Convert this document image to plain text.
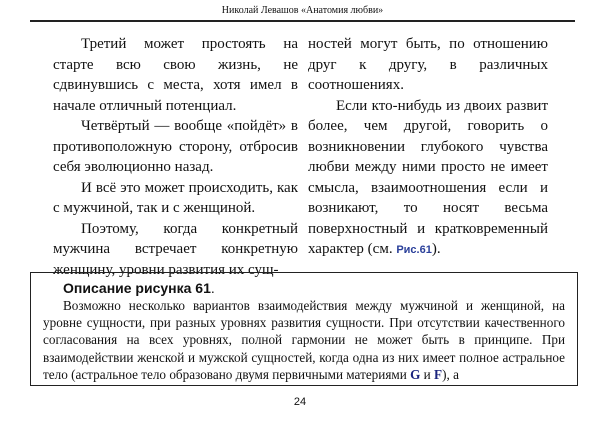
Николай Левашов «Анатомия любви»

Третий может простоять на старте всю свою жизнь, не сдвинувшись с места, хотя имел в начале отличный потенциал.

Четвёртый — вообще «пойдёт» в противоположную сторону, отбросив себя эволюционно назад.

И всё это может происходить, как с мужчиной, так и с женщиной.

Поэтому, когда конкретный мужчина встречает конкретную женщину, уровни развития их сущ-

ностей могут быть, по отношению друг к другу, в различных соотношениях.

Если кто-нибудь из двоих развит более, чем другой, говорить о возникновении глубокого чувства любви между ними просто не имеет смысла, взаимоотношения если и возникают, то носят весьма поверхностный и кратковременный характер (см. Рис.61).

Описание рисунка 61.

Возможно несколько вариантов взаимодействия между мужчиной и женщиной, на уровне сущности, при разных уровнях развития сущности. При отсутствии качественного согласования на всех уровнях, полной гармонии не может быть в принципе. При взаимодействии женской и мужской сущностей, когда одна из них имеет полное астральное тело (астральное тело образовано двумя первичными материями G и F), а

24
